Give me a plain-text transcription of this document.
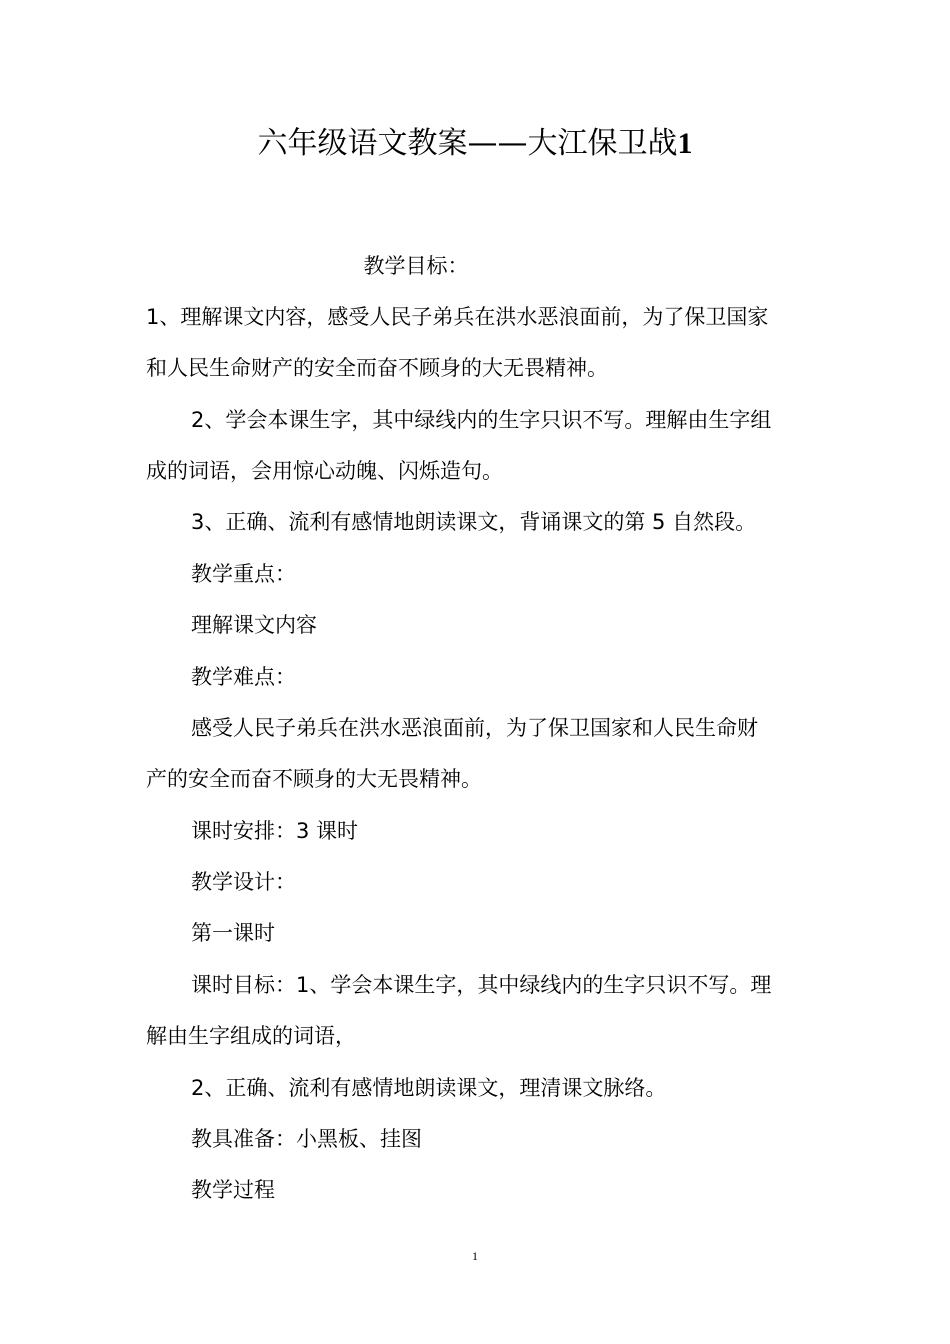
六年级语文教案——大江保卫战1
教学目标：
1、理解课文内容，感受人民子弟兵在洪水恶浪面前，为了保卫国家
和人民生命财产的安全而奋不顾身的大无畏精神。
2、学会本课生字，其中绿线内的生字只识不写。理解由生字组
成的词语，会用惊心动魄、闪烁造句。
3、正确、流利有感情地朗读课文，背诵课文的第 5 自然段。
教学重点：
理解课文内容
教学难点：
感受人民子弟兵在洪水恶浪面前，为了保卫国家和人民生命财
产的安全而奋不顾身的大无畏精神。
课时安排：3 课时
教学设计：
第一课时
课时目标：1、学会本课生字，其中绿线内的生字只识不写。理
解由生字组成的词语，
2、正确、流利有感情地朗读课文，理清课文脉络。
教具准备：小黑板、挂图
教学过程
1
